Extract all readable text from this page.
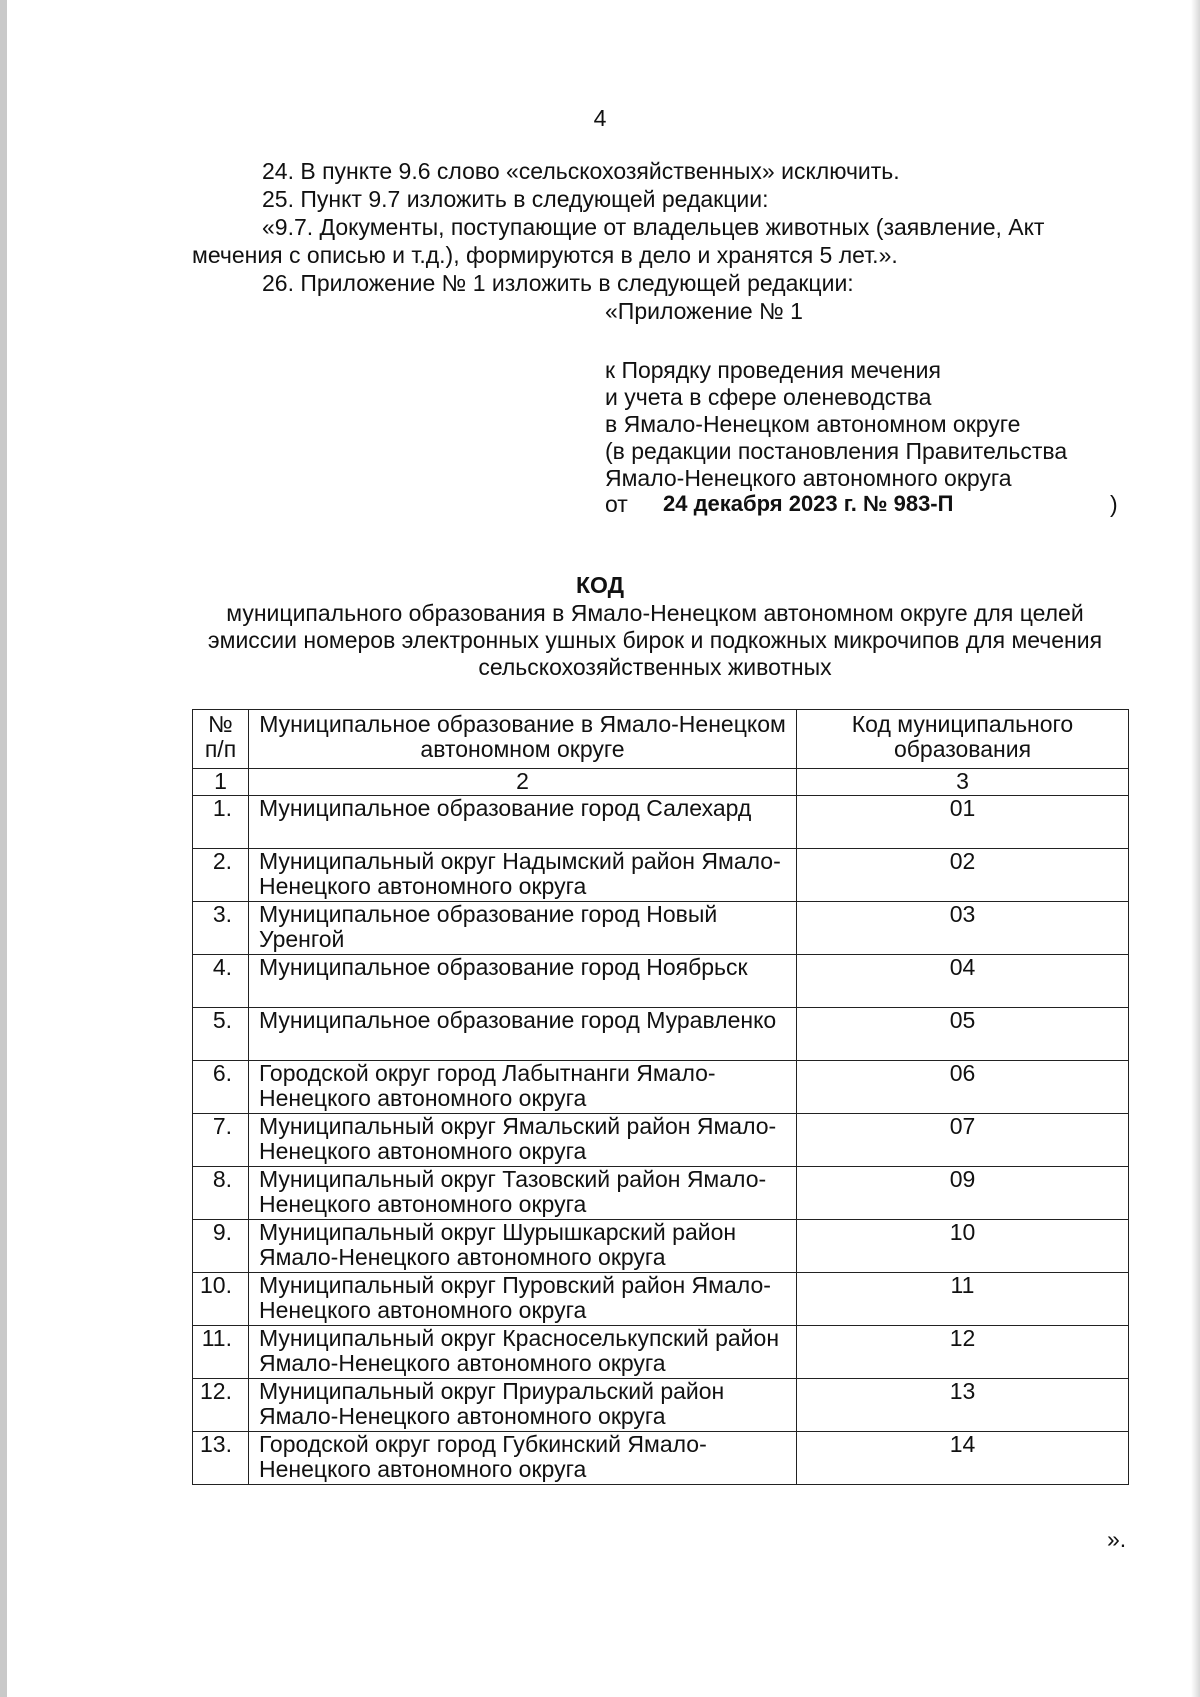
4
24. В пункте 9.6 слово «сельскохозяйственных» исключить.
25. Пункт 9.7 изложить в следующей редакции:
«9.7. Документы, поступающие от владельцев животных (заявление, Акт
мечения с описью и т.д.), формируются в дело и хранятся 5 лет.».
26. Приложение № 1 изложить в следующей редакции:
«Приложение № 1
к Порядку проведения мечения
и учета в сфере оленеводства
в Ямало-Ненецком автономном округе
(в редакции постановления Правительства
Ямало-Ненецкого автономного округа
от 24 декабря 2023 г. № 983-П	)
КОД
муниципального образования в Ямало-Ненецком автономном округе для целей эмиссии номеров электронных ушных бирок и подкожных микрочипов для мечения сельскохозяйственных животных
№ п/п	Муниципальное образование в Ямало-Ненецком автономном округе	Код муниципального образования
1	2	3
1.	Муниципальное образование город Салехард	01
2.	Муниципальный округ Надымский район Ямало-Ненецкого автономного округа	02
3.	Муниципальное образование город Новый Уренгой	03
4.	Муниципальное образование город Ноябрьск	04
5.	Муниципальное образование город Муравленко	05
6.	Городской округ город Лабытнанги Ямало-Ненецкого автономного округа	06
7.	Муниципальный округ Ямальский район Ямало-Ненецкого автономного округа	07
8.	Муниципальный округ Тазовский район Ямало-Ненецкого автономного округа	09
9.	Муниципальный округ Шурышкарский район Ямало-Ненецкого автономного округа	10
10.	Муниципальный округ Пуровский район Ямало-Ненецкого автономного округа	11
11.	Муниципальный округ Красноселькупский район Ямало-Ненецкого автономного округа	12
12.	Муниципальный округ Приуральский район Ямало-Ненецкого автономного округа	13
13.	Городской округ город Губкинский Ямало-Ненецкого автономного округа	14
».
